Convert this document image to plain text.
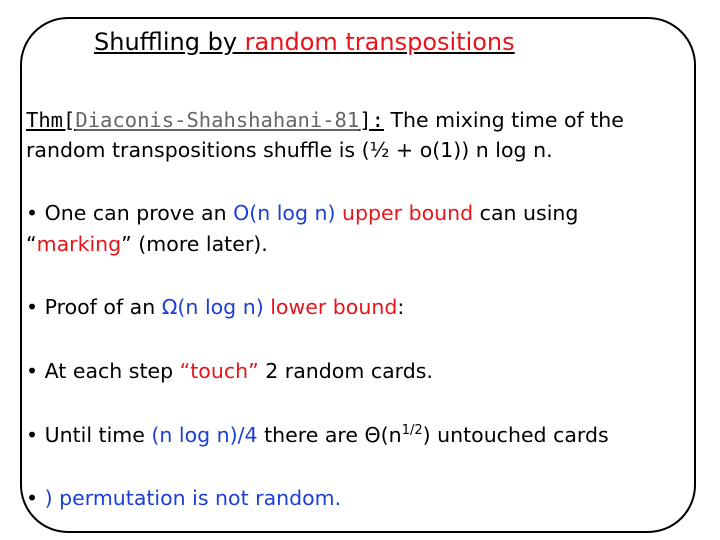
Shuffling by random transpositions
Thm[Diaconis-Shahshahani-81]: The mixing time of the
random transpositions shuffle is (½ + o(1)) n log n.
• One can prove an O(n log n) upper bound can using
“marking” (more later).
• Proof of an Ω(n log n) lower bound:
• At each step “touch” 2 random cards.
• Until time (n log n)/4 there are $\Theta(n^{1/2})$ untouched cards
• ) permutation is not random.
